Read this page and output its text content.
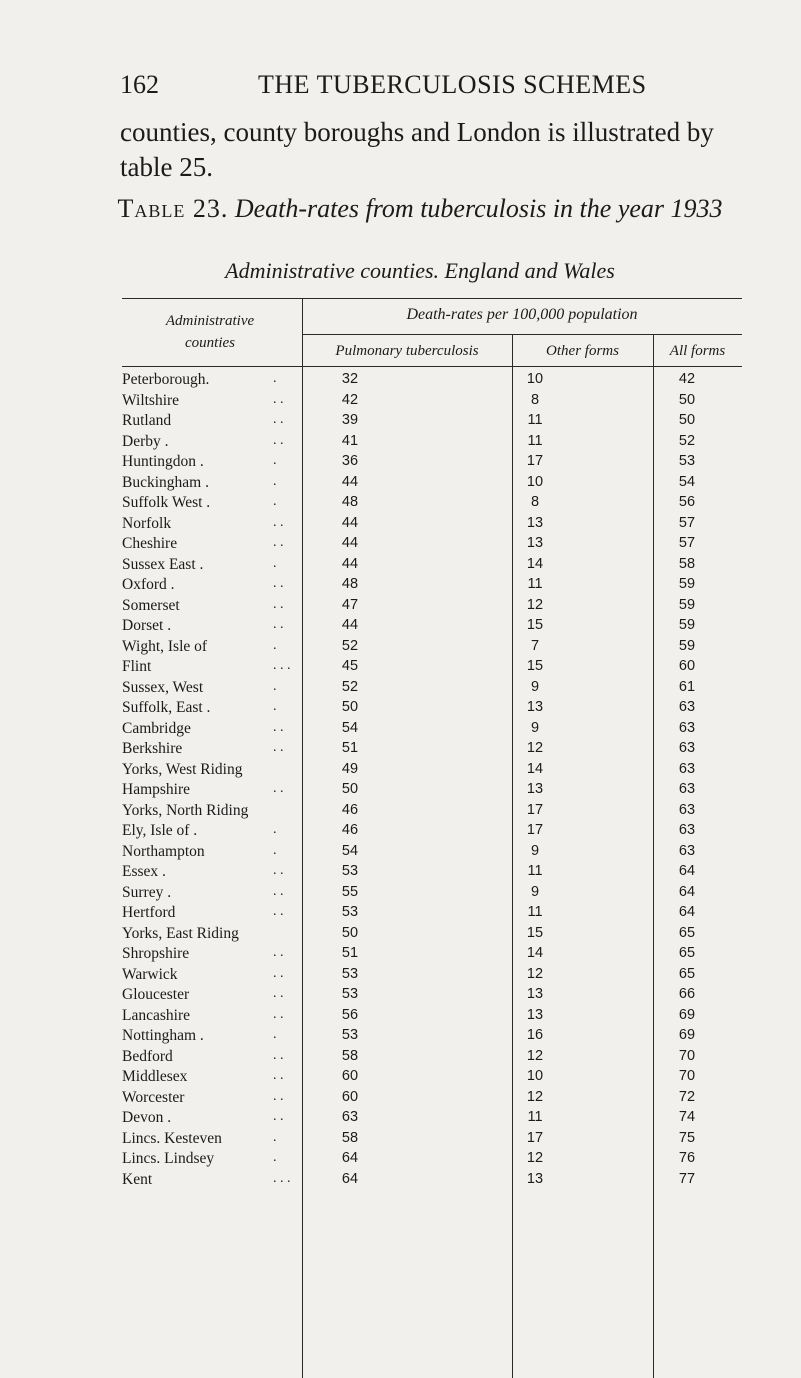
162	THE TUBERCULOSIS SCHEMES
counties, county boroughs and London is illustrated by table 25.
Table 23. Death-rates from tuberculosis in the year 1933
Administrative counties. England and Wales
Administrative
counties
Death-rates per 100,000 population
Pulmonary tuberculosis	Other forms	All forms
Peterborough.	.	32	10	42
Wiltshire	. .	42	8	50
Rutland	. .	39	11	50
Derby .	. .	41	11	52
Huntingdon .	.	36	17	53
Buckingham .	.	44	10	54
Suffolk West .	.	48	8	56
Norfolk	. .	44	13	57
Cheshire	. .	44	13	57
Sussex East .	.	44	14	58
Oxford .	. .	48	11	59
Somerset	. .	47	12	59
Dorset .	. .	44	15	59
Wight, Isle of	.	52	7	59
Flint	. . .	45	15	60
Sussex, West	.	52	9	61
Suffolk, East .	.	50	13	63
Cambridge	. .	54	9	63
Berkshire	. .	51	12	63
Yorks, West Riding	49	14	63
Hampshire	. .	50	13	63
Yorks, North Riding	46	17	63
Ely, Isle of .	.	46	17	63
Northampton	.	54	9	63
Essex .	. .	53	11	64
Surrey .	. .	55	9	64
Hertford	. .	53	11	64
Yorks, East Riding	50	15	65
Shropshire	. .	51	14	65
Warwick	. .	53	12	65
Gloucester	. .	53	13	66
Lancashire	. .	56	13	69
Nottingham .	.	53	16	69
Bedford	. .	58	12	70
Middlesex	. .	60	10	70
Worcester	. .	60	12	72
Devon .	. .	63	11	74
Lincs. Kesteven	.	58	17	75
Lincs. Lindsey	.	64	12	76
Kent	. . .	64	13	77
